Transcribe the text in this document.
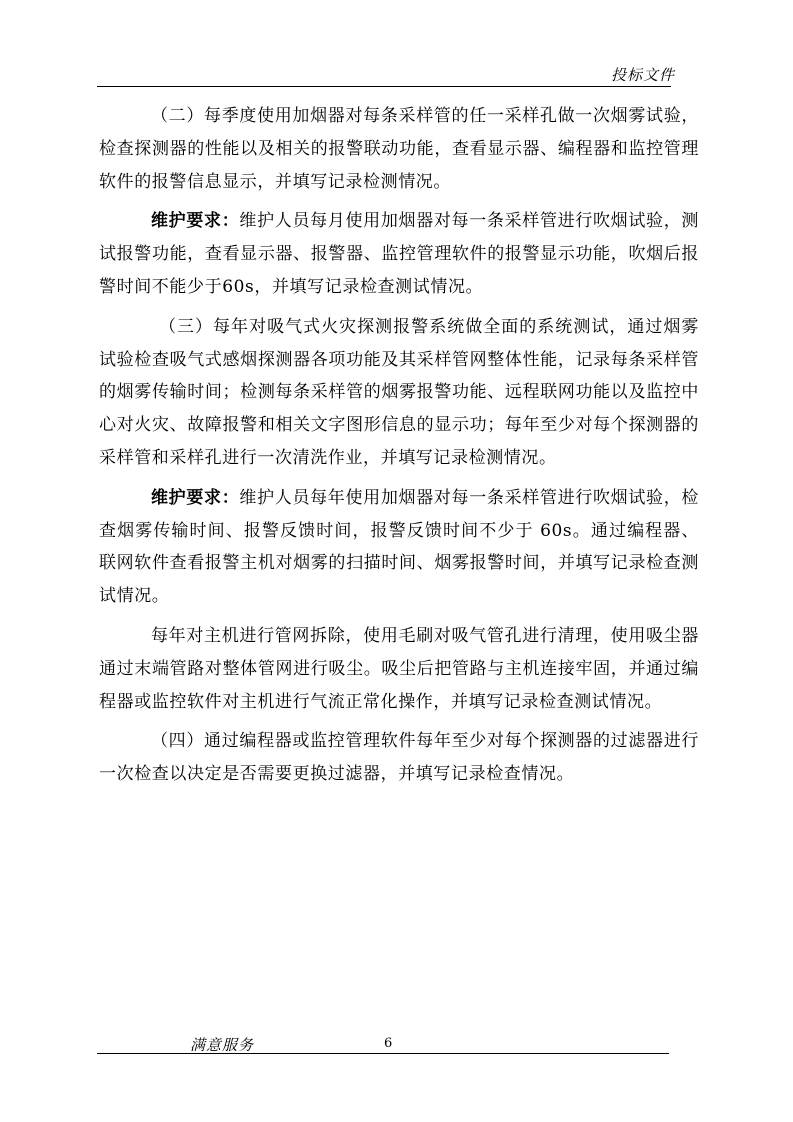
投标文件

（二）每季度使用加烟器对每条采样管的任一采样孔做一次烟雾试验，检查探测器的性能以及相关的报警联动功能，查看显示器、编程器和监控管理软件的报警信息显示，并填写记录检测情况。

维护要求：维护人员每月使用加烟器对每一条采样管进行吹烟试验，测试报警功能，查看显示器、报警器、监控管理软件的报警显示功能，吹烟后报警时间不能少于60s，并填写记录检查测试情况。

（三）每年对吸气式火灾探测报警系统做全面的系统测试，通过烟雾试验检查吸气式感烟探测器各项功能及其采样管网整体性能，记录每条采样管的烟雾传输时间；检测每条采样管的烟雾报警功能、远程联网功能以及监控中心对火灾、故障报警和相关文字图形信息的显示功；每年至少对每个探测器的采样管和采样孔进行一次清洗作业，并填写记录检测情况。

维护要求：维护人员每年使用加烟器对每一条采样管进行吹烟试验，检查烟雾传输时间、报警反馈时间，报警反馈时间不少于 60s。通过编程器、联网软件查看报警主机对烟雾的扫描时间、烟雾报警时间，并填写记录检查测试情况。

每年对主机进行管网拆除，使用毛刷对吸气管孔进行清理，使用吸尘器通过末端管路对整体管网进行吸尘。吸尘后把管路与主机连接牢固，并通过编程器或监控软件对主机进行气流正常化操作，并填写记录检查测试情况。

（四）通过编程器或监控管理软件每年至少对每个探测器的过滤器进行一次检查以决定是否需要更换过滤器，并填写记录检查情况。

满意服务	6
